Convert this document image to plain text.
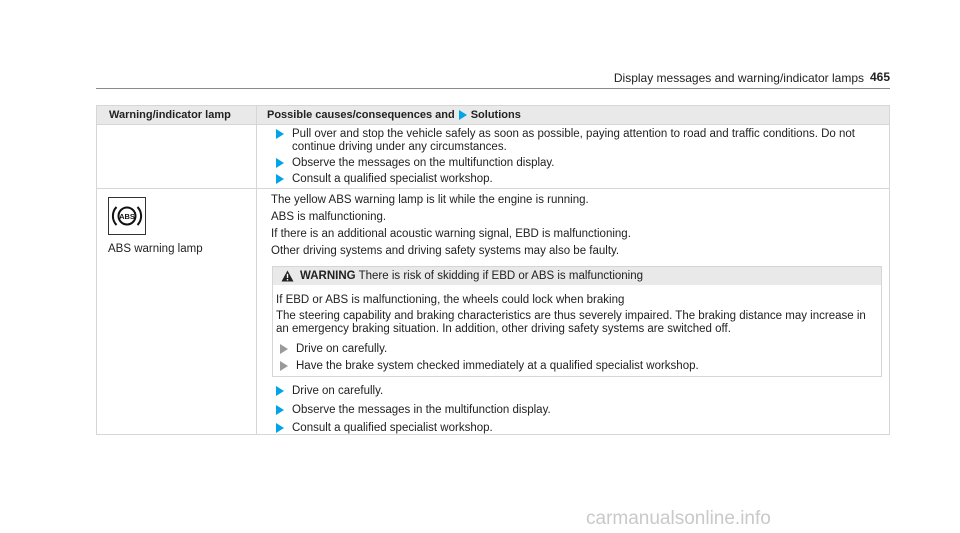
Display messages and warning/indicator lamps 465
Warning/indicator lamp	Possible causes/consequences and Solutions
Pull over and stop the vehicle safely as soon as possible, paying attention to road and traffic conditions. Do not
continue driving under any circumstances.
Observe the messages on the multifunction display.
Consult a qualified specialist workshop.
ABS
ABS warning lamp
The yellow ABS warning lamp is lit while the engine is running.
ABS is malfunctioning.
If there is an additional acoustic warning signal, EBD is malfunctioning.
Other driving systems and driving safety systems may also be faulty.
WARNING There is risk of skidding if EBD or ABS is malfunctioning
If EBD or ABS is malfunctioning, the wheels could lock when braking
The steering capability and braking characteristics are thus severely impaired. The braking distance may increase in
an emergency braking situation. In addition, other driving safety systems are switched off.
Drive on carefully.
Have the brake system checked immediately at a qualified specialist workshop.
Drive on carefully.
Observe the messages in the multifunction display.
Consult a qualified specialist workshop.
carmanualsonline.info
